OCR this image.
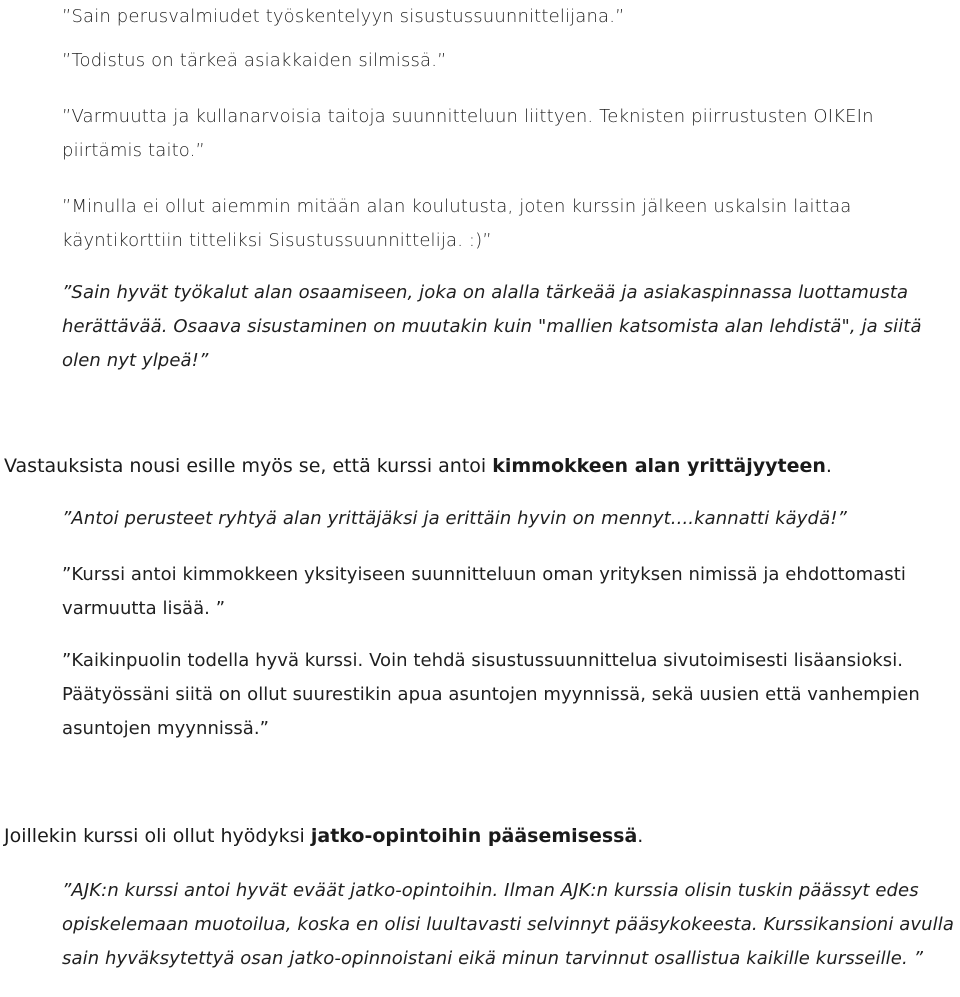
”Sain perusvalmiudet työskentelyyn sisustussuunnittelijana.”

”Todistus on tärkeä asiakkaiden silmissä.”

”Varmuutta ja kullanarvoisia taitoja suunnitteluun liittyen. Teknisten piirrustusten OIKEIn piirtämis taito.”

”Minulla ei ollut aiemmin mitään alan koulutusta, joten kurssin jälkeen uskalsin laittaa käyntikorttiin titteliksi Sisustussuunnittelija. :)”

”Sain hyvät työkalut alan osaamiseen, joka on alalla tärkeää ja asiakaspinnassa luottamusta herättävää. Osaava sisustaminen on muutakin kuin "mallien katsomista alan lehdistä", ja siitä olen nyt ylpeä!”

Vastauksista nousi esille myös se, että kurssi antoi kimmokkeen alan yrittäjyyteen.

”Antoi perusteet ryhtyä alan yrittäjäksi ja erittäin hyvin on mennyt....kannatti käydä!”

”Kurssi antoi kimmokkeen yksityiseen suunnitteluun oman yrityksen nimissä ja ehdottomasti varmuutta lisää. ”

”Kaikinpuolin todella hyvä kurssi. Voin tehdä sisustussuunnittelua sivutoimisesti lisäansioksi. Päätyössäni siitä on ollut suurestikin apua asuntojen myynnissä, sekä uusien että vanhempien asuntojen myynnissä.”

Joillekin kurssi oli ollut hyödyksi jatko-opintoihin pääsemisessä.

”AJK:n kurssi antoi hyvät eväät jatko-opintoihin. Ilman AJK:n kurssia olisin tuskin päässyt edes opiskelemaan muotoilua, koska en olisi luultavasti selvinnyt pääsykokeesta. Kurssikansioni avulla sain hyväksytettyä osan jatko-opinnoistani eikä minun tarvinnut osallistua kaikille kursseille. ”
